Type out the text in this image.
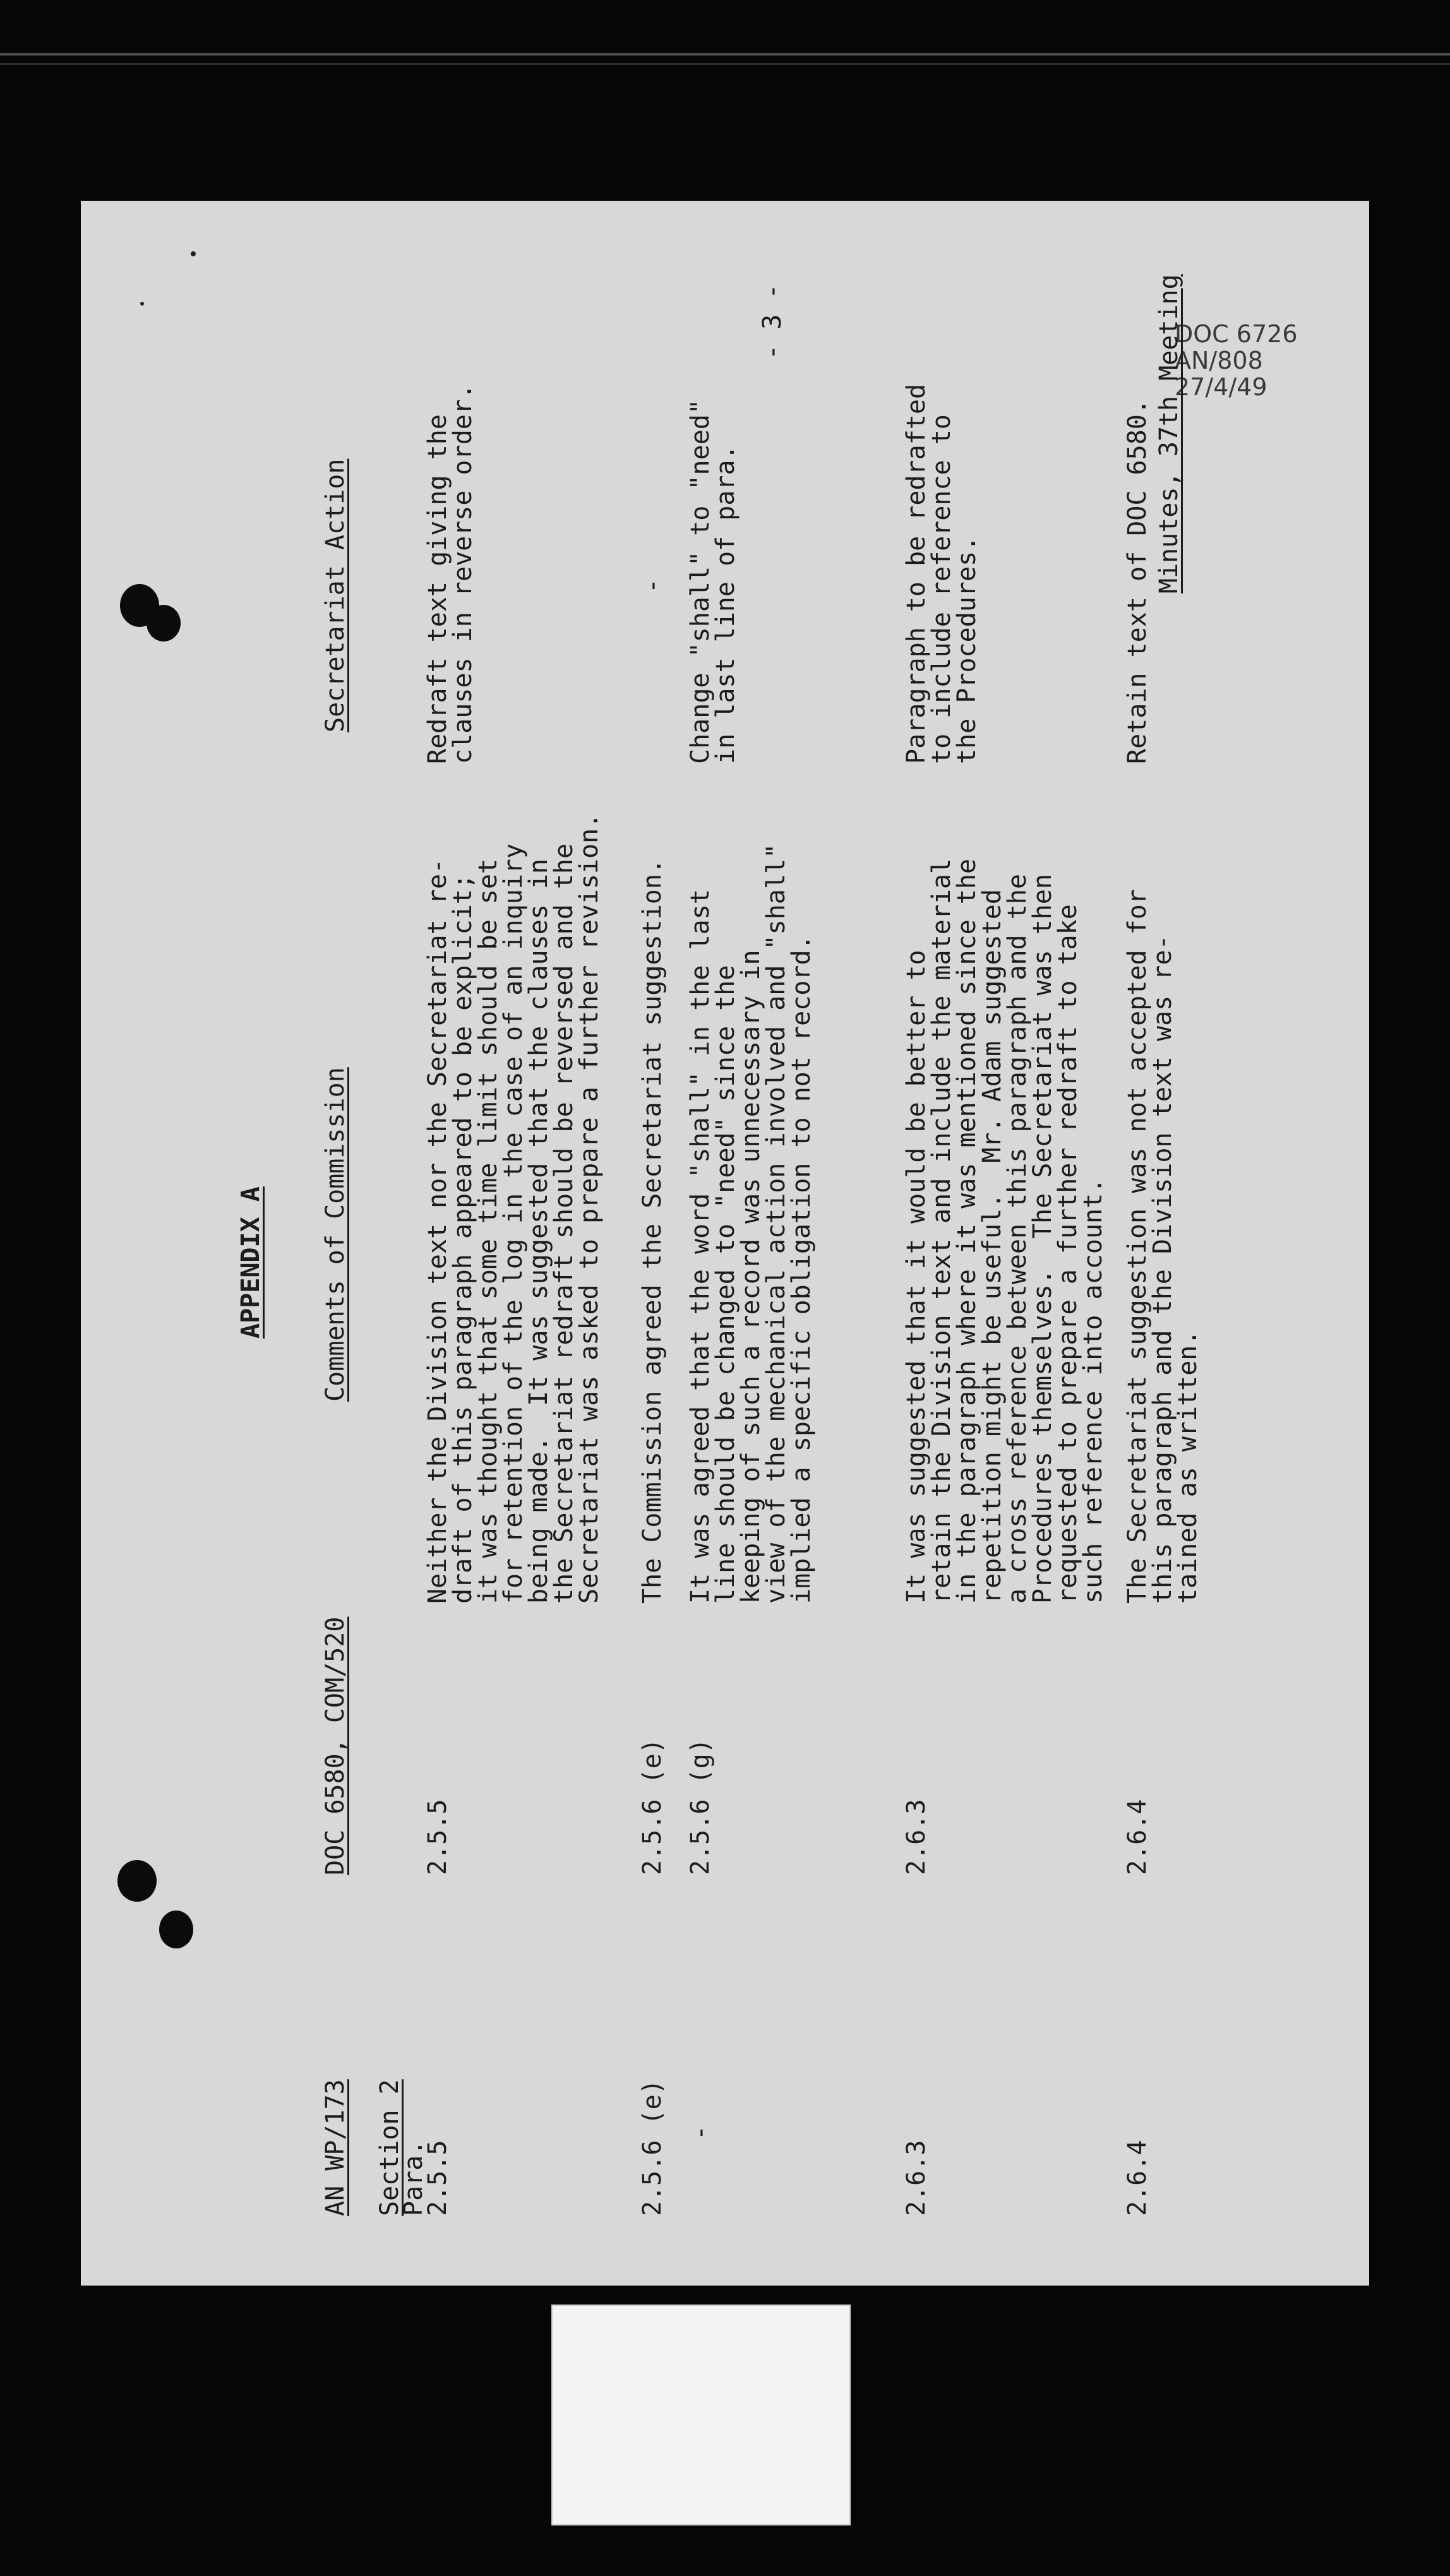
DOC 6726
AN/808
27/4/49
Minutes, 37th Meeting
APPENDIX A
AN WP/173
DOC 6580, COM/520
Comments of Commission
Secretariat Action
Section 2
Para.
2.5.5
2.5.5

Neither the Division text nor the Secretariat re-

draft of this paragraph appeared to be explicit;

it was thought that some time limit should be set

for retention of the log in the case of an inquiry

being made.  It was suggested that the clauses in

the Secretariat redraft should be reversed and the

Secretariat was asked to prepare a further revision.

Redraft text giving the

clauses in reverse order.

2.5.6 (e)
2.5.6 (e)
The Commission agreed the Secretariat suggestion.
-
-
2.5.6 (g)

It was agreed that the word "shall" in the last

line should be changed to "need" since the

keeping of such a record was unnecessary in

view of the mechanical action involved and "shall"

implied a specific obligation to not record.

Change "shall" to "need"

in last line of para.

2.6.3
2.6.3

It was suggested that it would be better to

retain the Division text and include the material

in the paragraph where it was mentioned since the

repetition might be useful.  Mr. Adam suggested

a cross reference between this paragraph and the

Procedures themselves.  The Secretariat was then

requested to prepare a further redraft to take

such reference into account.

Paragraph to be redrafted

to include reference to

the Procedures.

2.6.4
2.6.4

The Secretariat suggestion was not accepted for

this paragraph and the Division text was re-

tained as written.

Retain text of DOC 6580.
- 3 -
